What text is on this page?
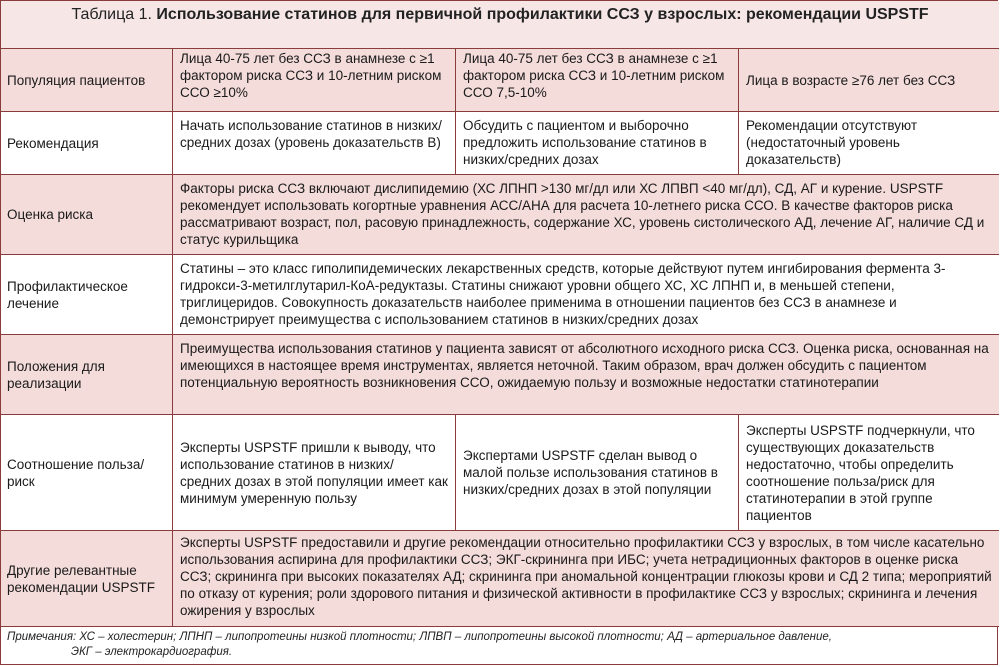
Таблица 1. Использование статинов для первичной профилактики ССЗ у взрослых: рекомендации USPSTF
Популяция пациентов
Лица 40-75 лет без ССЗ в анамнезе с ≥1 фактором риска ССЗ и 10-летним риском ССО ≥10%
Лица 40-75 лет без ССЗ в анамнезе с ≥1 фактором риска ССЗ и 10-летним риском ССО 7,5-10%
Лица в возрасте ≥76 лет без ССЗ
Рекомендация
Начать использование статинов в низких/средних дозах (уровень доказательств B)
Обсудить с пациентом и выборочно предложить использование статинов в низких/средних дозах
Рекомендации отсутствуют (недостаточный уровень доказательств)
Оценка риска
Факторы риска ССЗ включают дислипидемию (ХС ЛПНП >130 мг/дл или ХС ЛПВП <40 мг/дл), СД, АГ и курение. USPSTF рекомендует использовать когортные уравнения АСС/АНА для расчета 10-летнего риска ССО. В качестве факторов риска рассматривают возраст, пол, расовую принадлежность, содержание ХС, уровень систолического АД, лечение АГ, наличие СД и статус курильщика
Профилактическое лечение
Статины – это класс гиполипидемических лекарственных средств, которые действуют путем ингибирования фермента 3-гидрокси-3-метилглутарил-КоА-редуктазы. Статины снижают уровни общего ХС, ХС ЛПНП и, в меньшей степени, триглицеридов. Совокупность доказательств наиболее применима в отношении пациентов без ССЗ в анамнезе и демонстрирует преимущества с использованием статинов в низких/средних дозах
Положения для реализации
Преимущества использования статинов у пациента зависят от абсолютного исходного риска ССЗ. Оценка риска, основанная на имеющихся в настоящее время инструментах, является неточной. Таким образом, врач должен обсудить с пациентом потенциальную вероятность возникновения ССО, ожидаемую пользу и возможные недостатки статинотерапии
Соотношение польза/риск
Эксперты USPSTF пришли к выводу, что использование статинов в низких/ средних дозах в этой популяции имеет как минимум умеренную пользу
Экспертами USPSTF сделан вывод о малой пользе использования статинов в низких/средних дозах в этой популяции
Эксперты USPSTF подчеркнули, что существующих доказательств недостаточно, чтобы определить соотношение польза/риск для статинотерапии в этой группе пациентов
Другие релевантные рекомендации USPSTF
Эксперты USPSTF предоставили и другие рекомендации относительно профилактики ССЗ у взрослых, в том числе касательно использования аспирина для профилактики ССЗ; ЭКГ-скрининга при ИБС; учета нетрадиционных факторов в оценке риска ССЗ; скрининга при высоких показателях АД; скрининга при аномальной концентрации глюкозы крови и СД 2 типа; мероприятий по отказу от курения; роли здорового питания и физической активности в профилактике ССЗ у взрослых; скрининга и лечения ожирения у взрослых
Примечания: ХС – холестерин; ЛПНП – липопротеины низкой плотности; ЛПВП – липопротеины высокой плотности; АД – артериальное давление,
ЭКГ – электрокардиография.
